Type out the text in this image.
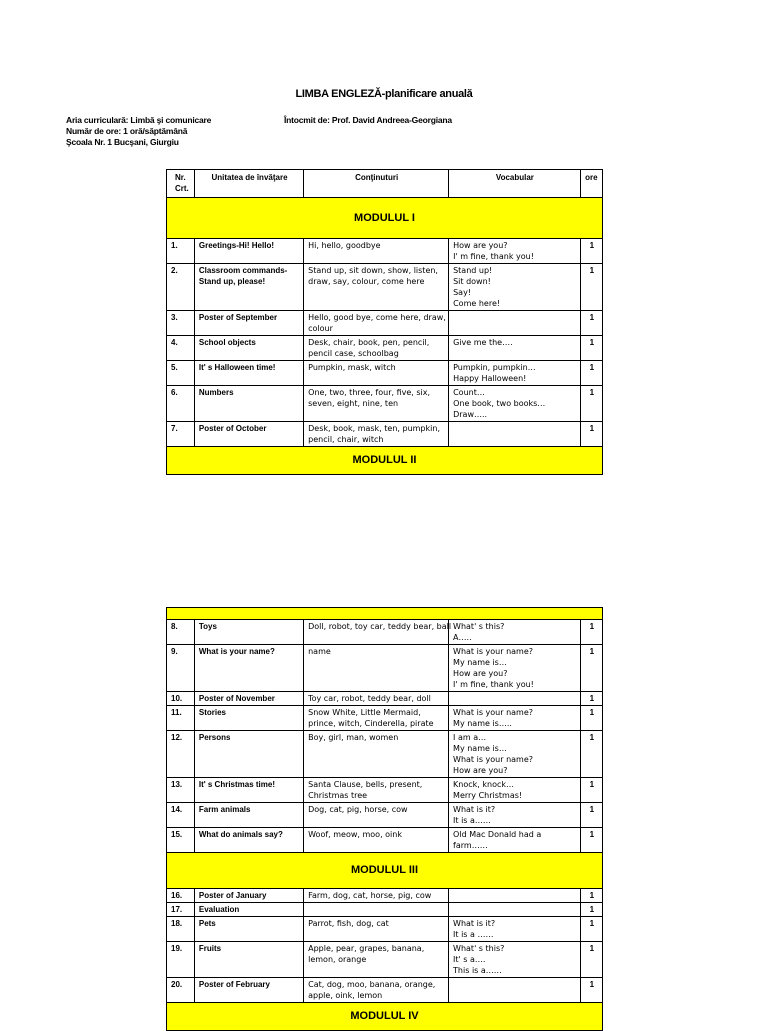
LIMBA ENGLEZĂ-planificare anuală
Aria curriculară: Limbă şi comunicare
Număr de ore: 1 oră/săptămână
Şcoala Nr. 1 Bucşani, Giurgiu
Întocmit de: Prof. David Andreea-Georgiana
Nr. Crt.	Unitatea de învăţare	Conţinuturi	Vocabular	ore
MODULUL I				
1.	Greetings-Hi! Hello!	Hi, hello, goodbye	How are you?
I' m fine, thank you!	1
2.	Classroom commands-
Stand up, please!	Stand up, sit down, show, listen,
draw, say, colour, come here	Stand up!
Sit down!
Say!
Come here!	1
3.	Poster of September	Hello, good bye, come here, draw,
colour		1
4.	School objects	Desk, chair, book, pen, pencil,
pencil case, schoolbag	Give me the….	1
5.	It' s Halloween time!	Pumpkin, mask, witch	Pumpkin, pumpkin…
Happy Halloween!	1
6.	Numbers	One, two, three, four, five, six,
seven, eight, nine, ten	Count…
One book, two books…
Draw…..	1
7.	Poster of October	Desk, book, mask, ten, pumpkin,
pencil, chair, witch		1
MODULUL II				

8.	Toys	Doll, robot, toy car, teddy bear, ball	What' s this?
A…..	1
9.	What is your name?	name	What is your name?
My name is…
How are you?
I' m fine, thank you!	1
10.	Poster of November	Toy car, robot, teddy bear, doll		1
11.	Stories	Snow White, Little Mermaid,
prince, witch, Cinderella, pirate	What is your name?
My name is…..	1
12.	Persons	Boy, girl, man, women	I am a…
My name is…
What is your name?
How are you?	1
13.	It' s Christmas time!	Santa Clause, bells, present,
Christmas tree	Knock, knock…
Merry Christmas!	1
14.	Farm animals	Dog, cat, pig, horse, cow	What is it?
It is a……	1
15.	What do animals say?	Woof, meow, moo, oink	Old Mac Donald had a
farm……	1
MODULUL III				
16.	Poster of January	Farm, dog, cat, horse, pig, cow		1
17.	Evaluation			1
18.	Pets	Parrot, fish, dog, cat	What is it?
It is a ……	1
19.	Fruits	Apple, pear, grapes, banana,
lemon, orange	What' s this?
It' s a….
This is a……	1
20.	Poster of February	Cat, dog, moo, banana, orange,
apple, oink, lemon		1
MODULUL IV				
